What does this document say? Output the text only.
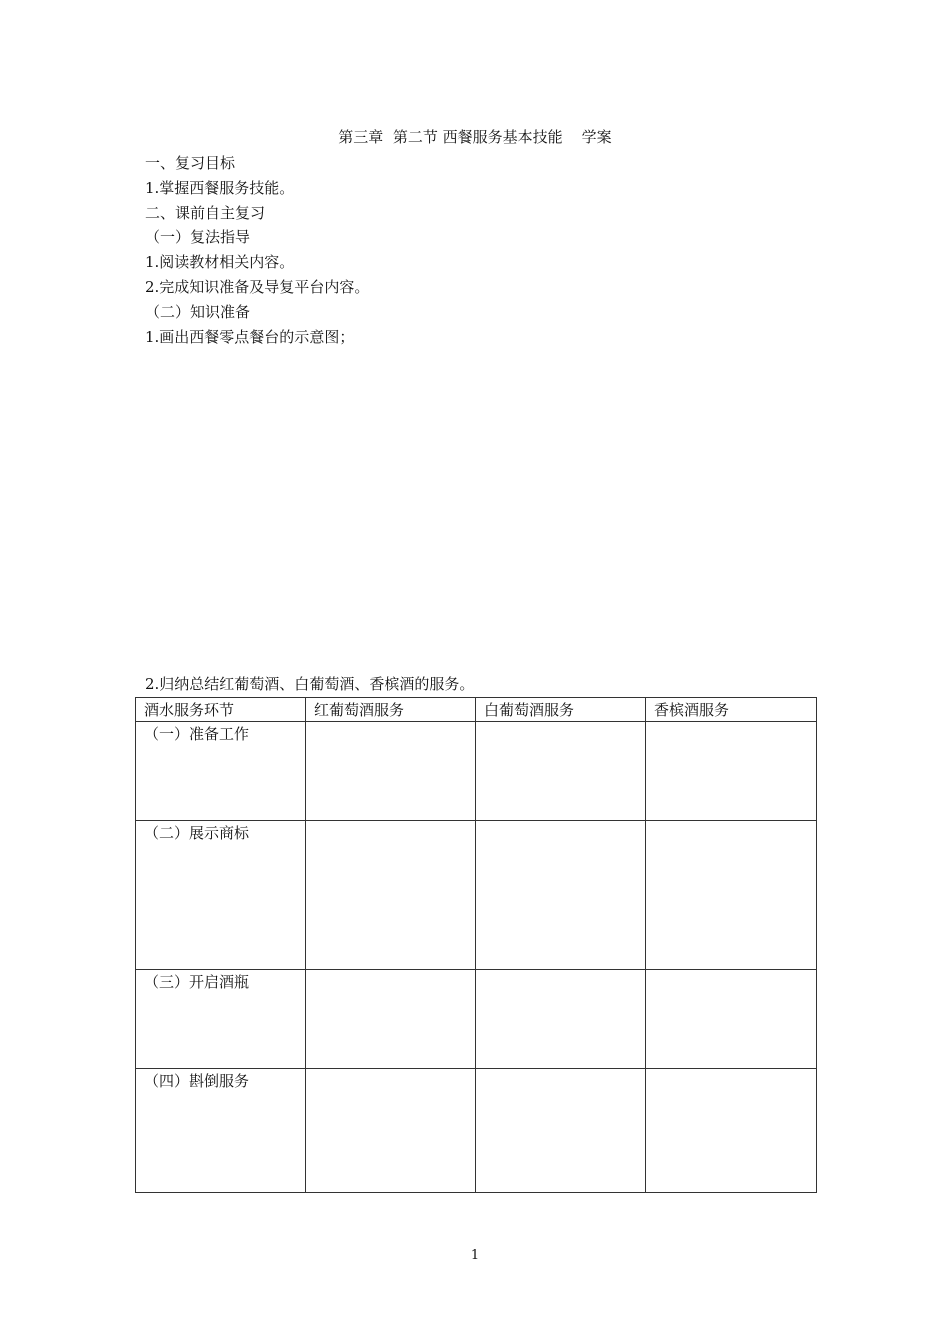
第三章  第二节 西餐服务基本技能    学案
一、复习目标
1.掌握西餐服务技能。
二、课前自主复习
（一）复法指导
1.阅读教材相关内容。
2.完成知识准备及导复平台内容。
（二）知识准备
1.画出西餐零点餐台的示意图；
2.归纳总结红葡萄酒、白葡萄酒、香槟酒的服务。
酒水服务环节	红葡萄酒服务	白葡萄酒服务	香槟酒服务
（一）准备工作			
（二）展示商标			
（三）开启酒瓶			
（四）斟倒服务			
1
